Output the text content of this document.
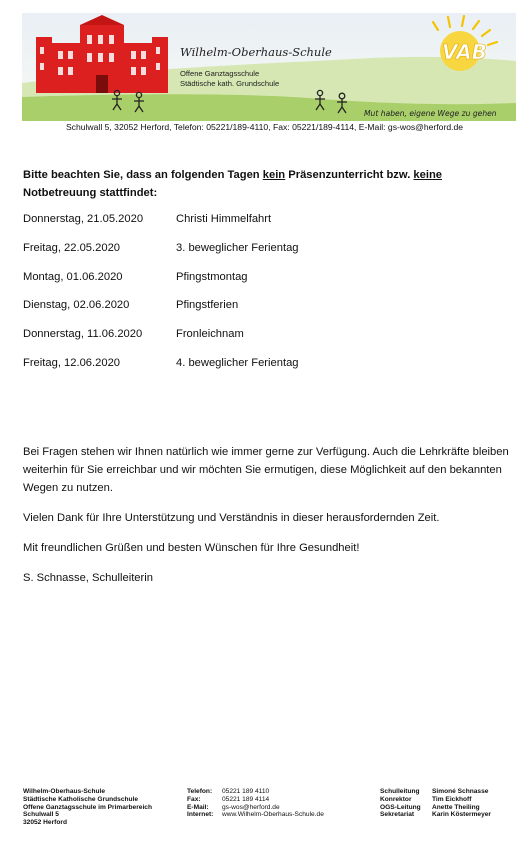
Wilhelm-Oberhaus-Schule
Offene Ganztagsschule
Städtische kath. Grundschule
VAB
Mut haben, eigene Wege zu gehen
Schulwall 5, 32052 Herford, Telefon: 05221/189-4110, Fax: 05221/189-4114, E-Mail: gs-wos@herford.de

Bitte beachten Sie, dass an folgenden Tagen kein Präsenzunterricht bzw. keine
Notbetreuung stattfindet:

Donnerstag, 21.05.2020	Christi Himmelfahrt
Freitag, 22.05.2020	3. beweglicher Ferientag
Montag, 01.06.2020	Pfingstmontag
Dienstag, 02.06.2020	Pfingstferien
Donnerstag, 11.06.2020	Fronleichnam
Freitag, 12.06.2020	4. beweglicher Ferientag

Bei Fragen stehen wir Ihnen natürlich wie immer gerne zur Verfügung. Auch die Lehrkräfte bleiben weiterhin für Sie erreichbar und wir möchten Sie ermutigen, diese Möglichkeit auf den bekannten Wegen zu nutzen.

Vielen Dank für Ihre Unterstützung und Verständnis in dieser herausfordernden Zeit.

Mit freundlichen Grüßen und besten Wünschen für Ihre Gesundheit!

S. Schnasse, Schulleiterin

Wilhelm-Oberhaus-Schule
Städtische Katholische Grundschule
Offene Ganztagsschule im Primarbereich
Schulwall 5
32052 Herford
Telefon: 05221 189 4110
Fax:	05221 189 4114
E-Mail: gs-wos@herford.de
Internet: www.Wilhelm-Oberhaus-Schule.de
Schulleitung Simoné Schnasse
Konrektor	Tim Eickhoff
OGS-Leitung Anette Theiling
Sekretariat	Karin Köstermeyer
